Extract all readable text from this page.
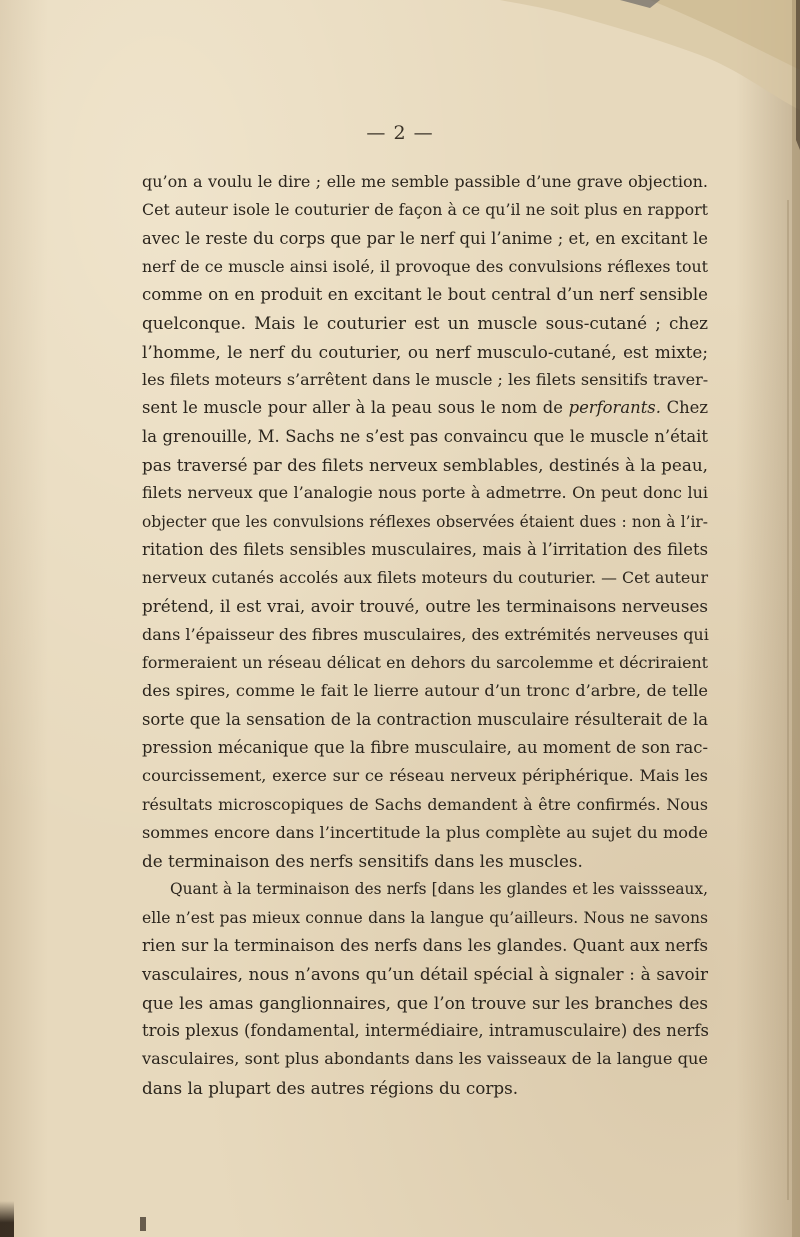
— 2 —

qu’on a voulu le dire ; elle me semble passible d’une grave objection.
Cet auteur isole le couturier de façon à ce qu’il ne soit plus en rapport
avec le reste du corps que par le nerf qui l’anime ; et, en excitant le
nerf de ce muscle ainsi isolé, il provoque des convulsions réflexes tout
comme on en produit en excitant le bout central d’un nerf sensible
quelconque. Mais le couturier est un muscle sous-cutané ; chez
l’homme, le nerf du couturier, ou nerf musculo-cutané, est mixte;
les filets moteurs s’arrêtent dans le muscle ; les filets sensitifs traver-
sent le muscle pour aller à la peau sous le nom de perforants. Chez
la grenouille, M. Sachs ne s’est pas convaincu que le muscle n’était
pas traversé par des filets nerveux semblables, destinés à la peau,
filets nerveux que l’analogie nous porte à admetrre. On peut donc lui
objecter que les convulsions réflexes observées étaient dues : non à l’ir-
ritation des filets sensibles musculaires, mais à l’irritation des filets
nerveux cutanés accolés aux filets moteurs du couturier. — Cet auteur
prétend, il est vrai, avoir trouvé, outre les terminaisons nerveuses
dans l’épaisseur des fibres musculaires, des extrémités nerveuses qui
formeraient un réseau délicat en dehors du sarcolemme et décriraient
des spires, comme le fait le lierre autour d’un tronc d’arbre, de telle
sorte que la sensation de la contraction musculaire résulterait de la
pression mécanique que la fibre musculaire, au moment de son rac-
courcissement, exerce sur ce réseau nerveux périphérique. Mais les
résultats microscopiques de Sachs demandent à être confirmés. Nous
sommes encore dans l’incertitude la plus complète au sujet du mode
de terminaison des nerfs sensitifs dans les muscles.

Quant à la terminaison des nerfs [dans les glandes et les vaissseaux,
elle n’est pas mieux connue dans la langue qu’ailleurs. Nous ne savons
rien sur la terminaison des nerfs dans les glandes. Quant aux nerfs
vasculaires, nous n’avons qu’un détail spécial à signaler : à savoir
que les amas ganglionnaires, que l’on trouve sur les branches des
trois plexus (fondamental, intermédiaire, intramusculaire) des nerfs
vasculaires, sont plus abondants dans les vaisseaux de la langue que
dans la plupart des autres régions du corps.
